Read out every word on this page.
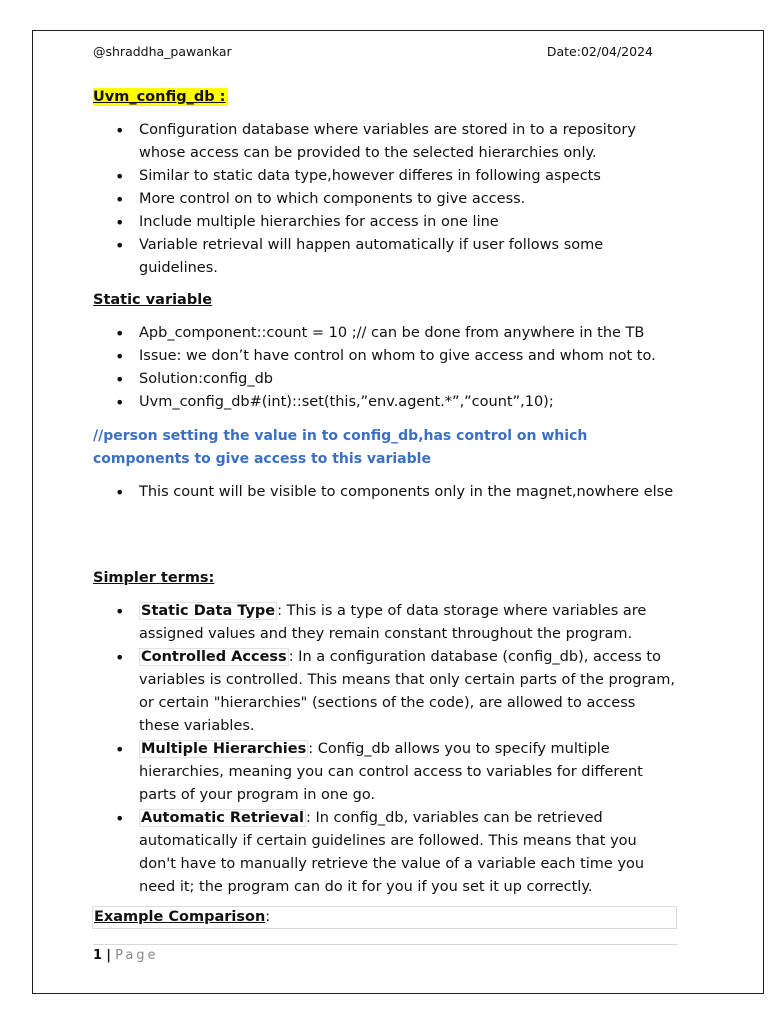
@shraddha_pawankar	Date:02/04/2024
Uvm_config_db :
• Configuration database where variables are stored in to a repository whose access can be provided to the selected hierarchies only.
• Similar to static data type,however differes in following aspects
• More control on to which components to give access.
• Include multiple hierarchies for access in one line
• Variable retrieval will happen automatically if user follows some guidelines.
Static variable
• Apb_component::count = 10 ;// can be done from anywhere in the TB
• Issue: we don’t have control on whom to give access and whom not to.
• Solution:config_db
• Uvm_config_db#(int)::set(this,”env.agent.*”,”count”,10);
//person setting the value in to config_db,has control on which components to give access to this variable
• This count will be visible to components only in the magnet,nowhere else
Simpler terms:
• Static Data Type : This is a type of data storage where variables are assigned values and they remain constant throughout the program.
• Controlled Access : In a configuration database (config_db), access to variables is controlled. This means that only certain parts of the program, or certain "hierarchies" (sections of the code), are allowed to access these variables.
• Multiple Hierarchies : Config_db allows you to specify multiple hierarchies, meaning you can control access to variables for different parts of your program in one go.
• Automatic Retrieval : In config_db, variables can be retrieved automatically if certain guidelines are followed. This means that you don't have to manually retrieve the value of a variable each time you need it; the program can do it for you if you set it up correctly.
Example Comparison:
1 | Page
